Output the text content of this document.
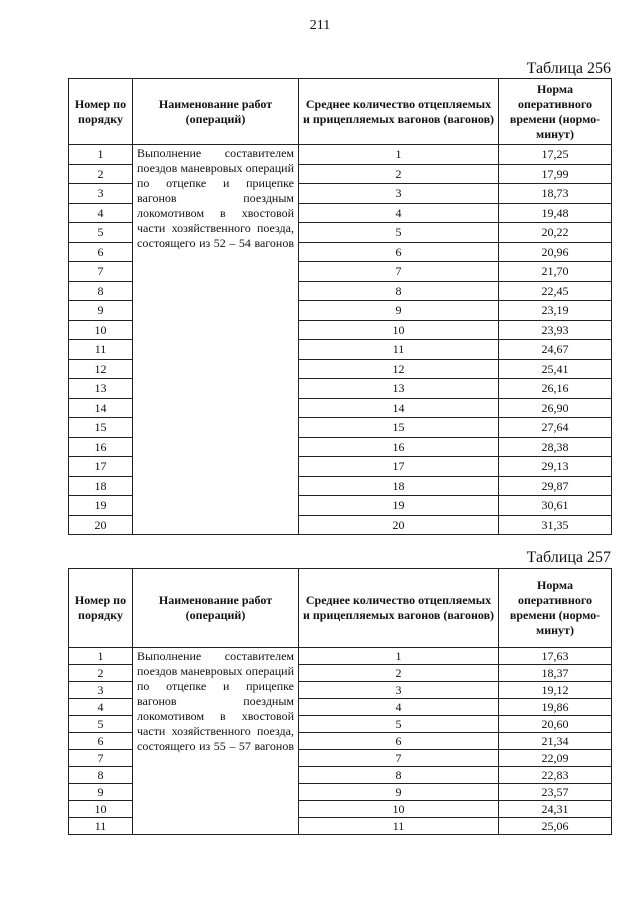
211
Таблица 256
Номер по порядку	Наименование работ (операций)	Среднее количество отцепляемых и прицепляемых вагонов (вагонов)	Норма оперативного времени (нормо-минут)
1	Выполнение составителем поездов маневровых операций по отцепке и прицепке вагонов поездным локомотивом в хвостовой части хозяйственного поезда, состоящего из 52 – 54 вагонов	1	17,25
2		2	17,99
3		3	18,73
4		4	19,48
5		5	20,22
6		6	20,96
7		7	21,70
8		8	22,45
9		9	23,19
10		10	23,93
11		11	24,67
12		12	25,41
13		13	26,16
14		14	26,90
15		15	27,64
16		16	28,38
17		17	29,13
18		18	29,87
19		19	30,61
20		20	31,35
Таблица 257
Номер по порядку	Наименование работ (операций)	Среднее количество отцепляемых и прицепляемых вагонов (вагонов)	Норма оперативного времени (нормо-минут)
1	Выполнение составителем поездов маневровых операций по отцепке и прицепке вагонов поездным локомотивом в хвостовой части хозяйственного поезда, состоящего из 55 – 57 вагонов	1	17,63
2		2	18,37
3		3	19,12
4		4	19,86
5		5	20,60
6		6	21,34
7		7	22,09
8		8	22,83
9		9	23,57
10		10	24,31
11		11	25,06
